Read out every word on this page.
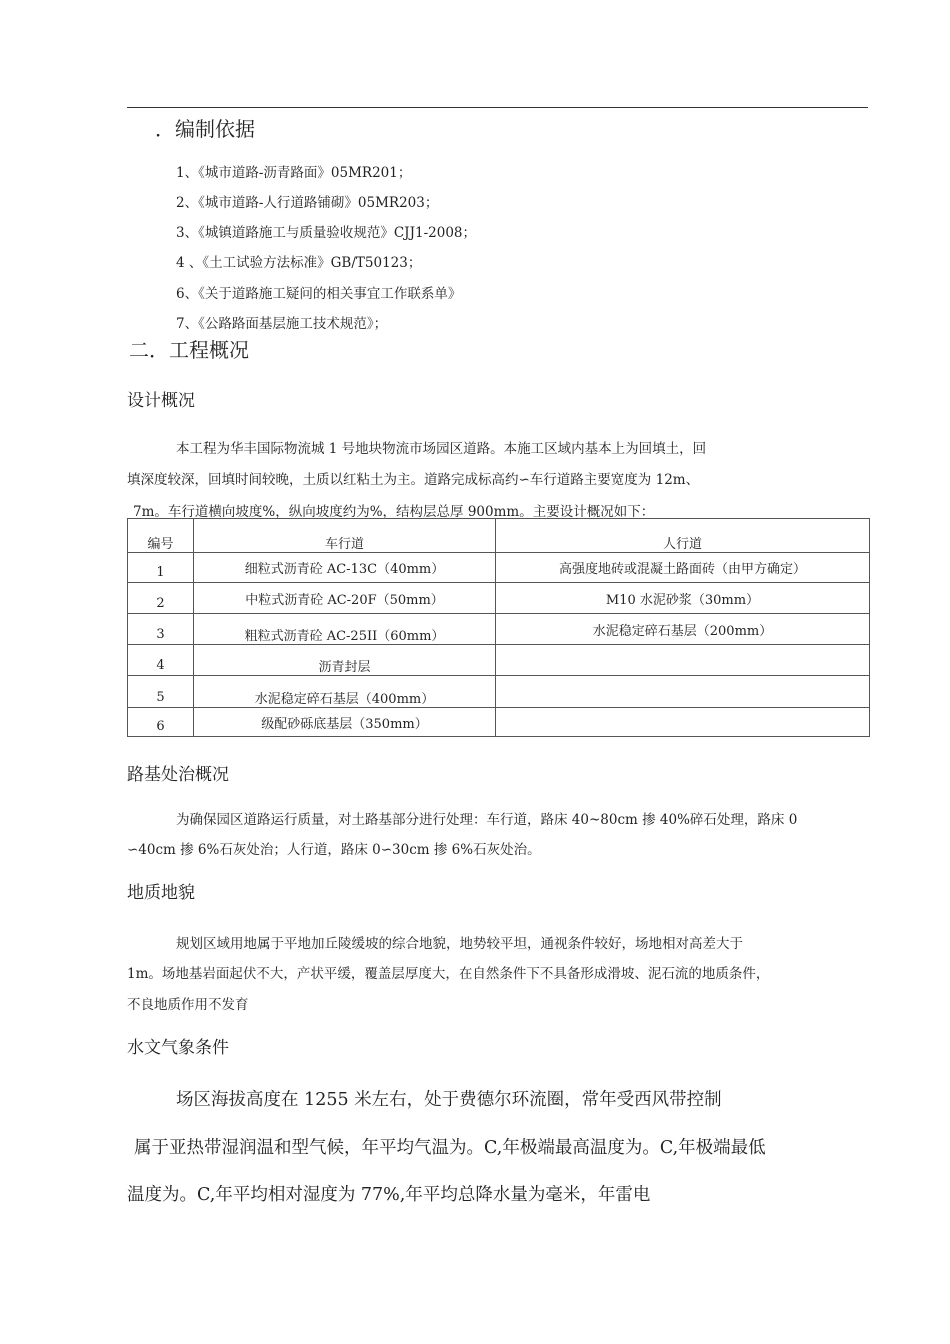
．编制依据
1、《城市道路-沥青路面》05MR201；
2、《城市道路-人行道路铺砌》05MR203；
3、《城镇道路施工与质量验收规范》CJJ1-2008；
4 、《土工试验方法标准》GB/T50123；
6、《关于道路施工疑问的相关事宜工作联系单》
7、《公路路面基层施工技术规范》；
二．工程概况
设计概况
本工程为华丰国际物流城 1 号地块物流市场园区道路。本施工区域内基本上为回填土，回
填深度较深，回填时间较晚，土质以红粘土为主。道路完成标高约∽车行道路主要宽度为 12m、
7m。车行道横向坡度%，纵向坡度约为%，结构层总厚 900mm。主要设计概况如下：
编号	车行道	人行道
1	细粒式沥青砼 AC-13C（40mm）	高强度地砖或混凝土路面砖（由甲方确定）
2	中粒式沥青砼 AC-20F（50mm）	M10 水泥砂浆（30mm）
3	粗粒式沥青砼 AC-25II（60mm）	水泥稳定碎石基层（200mm）
4	沥青封层	
5	水泥稳定碎石基层（400mm）	
6	级配砂砾底基层（350mm）	
路基处治概况
为确保园区道路运行质量，对土路基部分进行处理：车行道，路床 40~80cm 掺 40%碎石处理，路床 0
∽40cm 掺 6%石灰处治；人行道，路床 0∽30cm 掺 6%石灰处治。
地质地貌
规划区域用地属于平地加丘陵缓坡的综合地貌，地势较平坦，通视条件较好，场地相对高差大于
1m。场地基岩面起伏不大，产状平缓，覆盖层厚度大，在自然条件下不具备形成滑坡、泥石流的地质条件，
不良地质作用不发育
水文气象条件
场区海拔高度在 1255 米左右，处于费德尔环流圈，常年受西风带控制
属于亚热带湿润温和型气候，年平均气温为。C,年极端最高温度为。C,年极端最低
温度为。C,年平均相对湿度为 77%,年平均总降水量为毫米，年雷电
